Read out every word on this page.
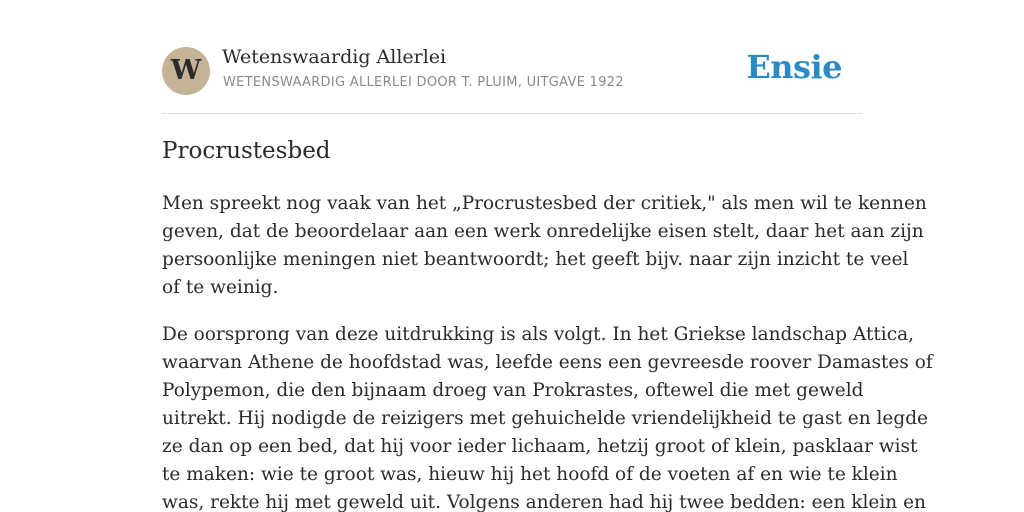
W	Wetenswaardig Allerlei
WETENSWAARDIG ALLERLEI DOOR T. PLUIM, UITGAVE 1922	Ensie
Procrustesbed

Men spreekt nog vaak van het „Procrustesbed der critiek," als men wil te kennen
geven, dat de beoordelaar aan een werk onredelijke eisen stelt, daar het aan zijn
persoonlijke meningen niet beantwoordt; het geeft bijv. naar zijn inzicht te veel
of te weinig.

De oorsprong van deze uitdrukking is als volgt. In het Griekse landschap Attica,
waarvan Athene de hoofdstad was, leefde eens een gevreesde roover Damastes of
Polypemon, die den bijnaam droeg van Prokrastes, oftewel die met geweld
uitrekt. Hij nodigde de reizigers met gehuichelde vriendelijkheid te gast en legde
ze dan op een bed, dat hij voor ieder lichaam, hetzij groot of klein, pasklaar wist
te maken: wie te groot was, hieuw hij het hoofd of de voeten af en wie te klein
was, rekte hij met geweld uit. Volgens anderen had hij twee bedden: een klein en
